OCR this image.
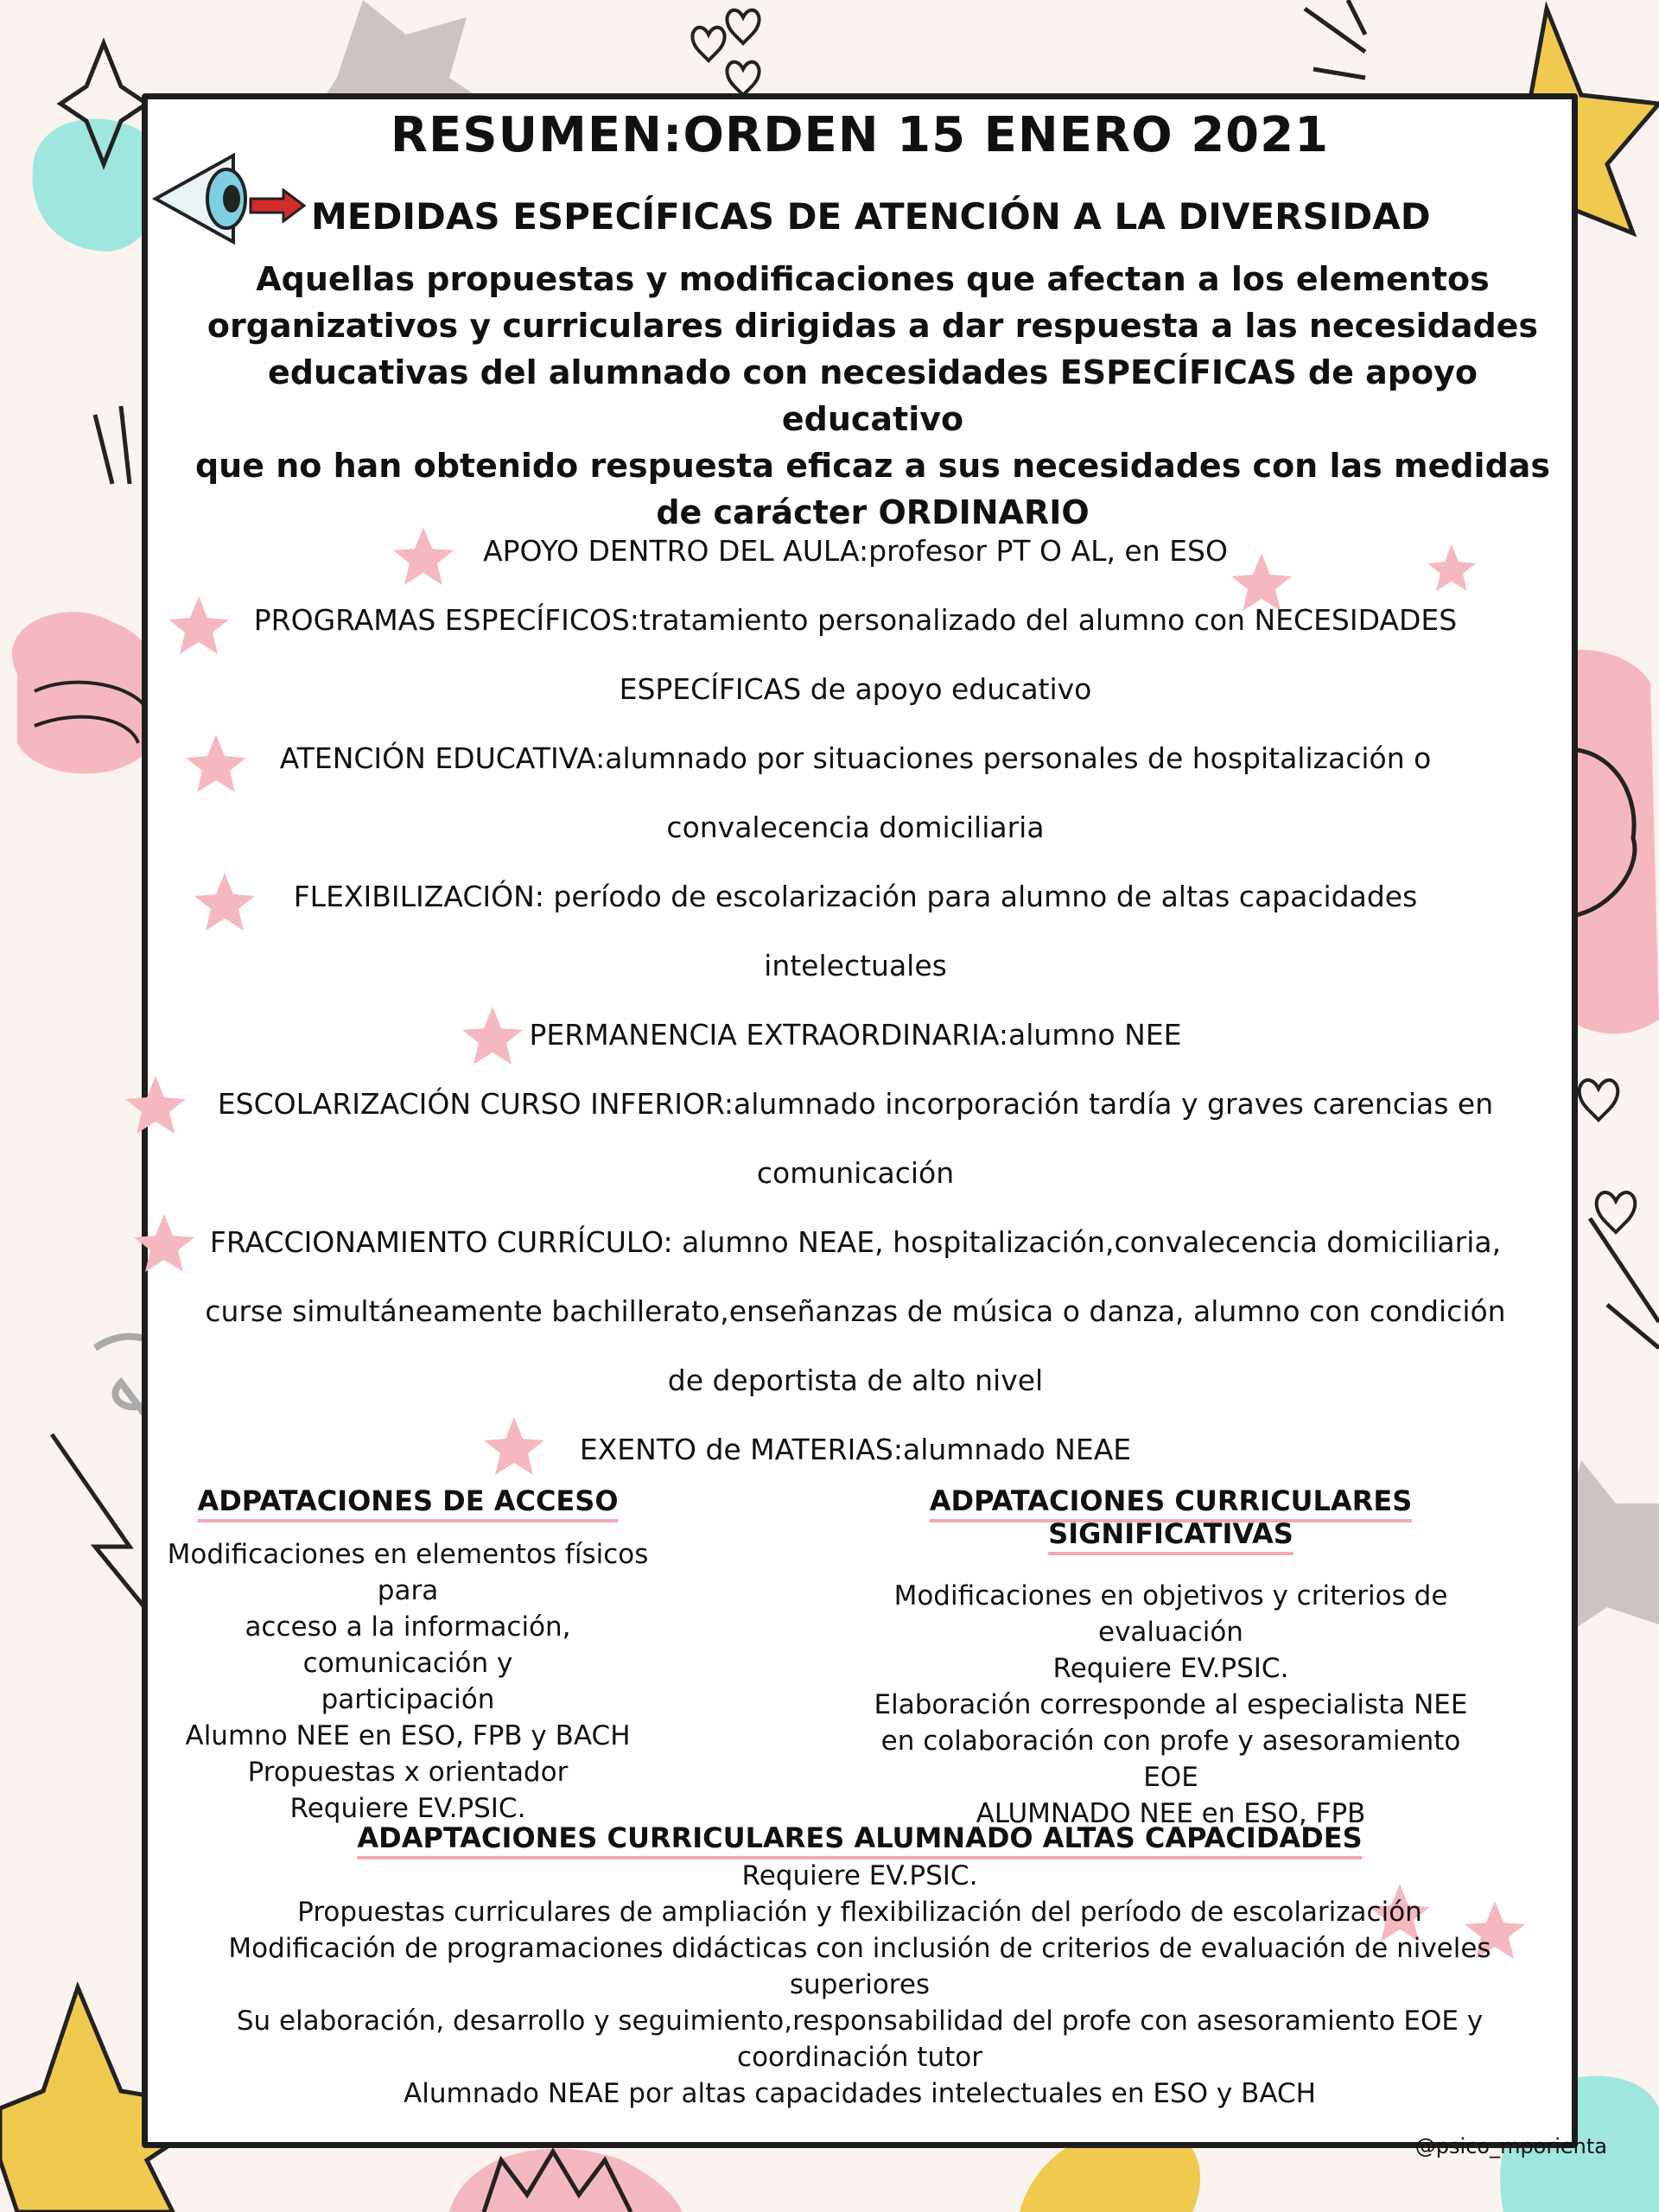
RESUMEN:ORDEN 15 ENERO 2021
MEDIDAS ESPECÍFICAS DE ATENCIÓN A LA DIVERSIDAD
Aquellas propuestas y modificaciones que afectan a los elementos
organizativos y curriculares dirigidas a dar respuesta a las necesidades
educativas del alumnado con necesidades ESPECÍFICAS de apoyo educativo
que no han obtenido respuesta eficaz a sus necesidades con las medidas
de carácter ORDINARIO
APOYO DENTRO DEL AULA:profesor PT O AL, en ESO
PROGRAMAS ESPECÍFICOS:tratamiento personalizado del alumno con NECESIDADES
ESPECÍFICAS de apoyo educativo
ATENCIÓN EDUCATIVA:alumnado por situaciones personales de hospitalización o
convalecencia domiciliaria
FLEXIBILIZACIÓN: período de escolarización para alumno de altas capacidades
intelectuales
PERMANENCIA EXTRAORDINARIA:alumno NEE
ESCOLARIZACIÓN CURSO INFERIOR:alumnado incorporación tardía y graves carencias en
comunicación
FRACCIONAMIENTO CURRÍCULO: alumno NEAE, hospitalización,convalecencia domiciliaria,
curse simultáneamente bachillerato,enseñanzas de música o danza, alumno con condición
de deportista de alto nivel
EXENTO de MATERIAS:alumnado NEAE
ADPATACIONES DE ACCESO
Modificaciones en elementos físicos para
acceso a la información, comunicación y
participación
Alumno NEE en ESO, FPB y BACH
Propuestas x orientador
Requiere EV.PSIC.
ADPATACIONES CURRICULARES SIGNIFICATIVAS
Modificaciones en objetivos y criterios de
evaluación
Requiere EV.PSIC.
Elaboración corresponde al especialista NEE
en colaboración con profe y asesoramiento
EOE
ALUMNADO NEE en ESO, FPB
ADAPTACIONES CURRICULARES ALUMNADO ALTAS CAPACIDADES
Requiere EV.PSIC.
Propuestas curriculares de ampliación y flexibilización del período de escolarización
Modificación de programaciones didácticas con inclusión de criterios de evaluación de niveles
superiores
Su elaboración, desarrollo y seguimiento,responsabilidad del profe con asesoramiento EOE y
coordinación tutor
Alumnado NEAE por altas capacidades intelectuales en ESO y BACH
@psico_mporienta
